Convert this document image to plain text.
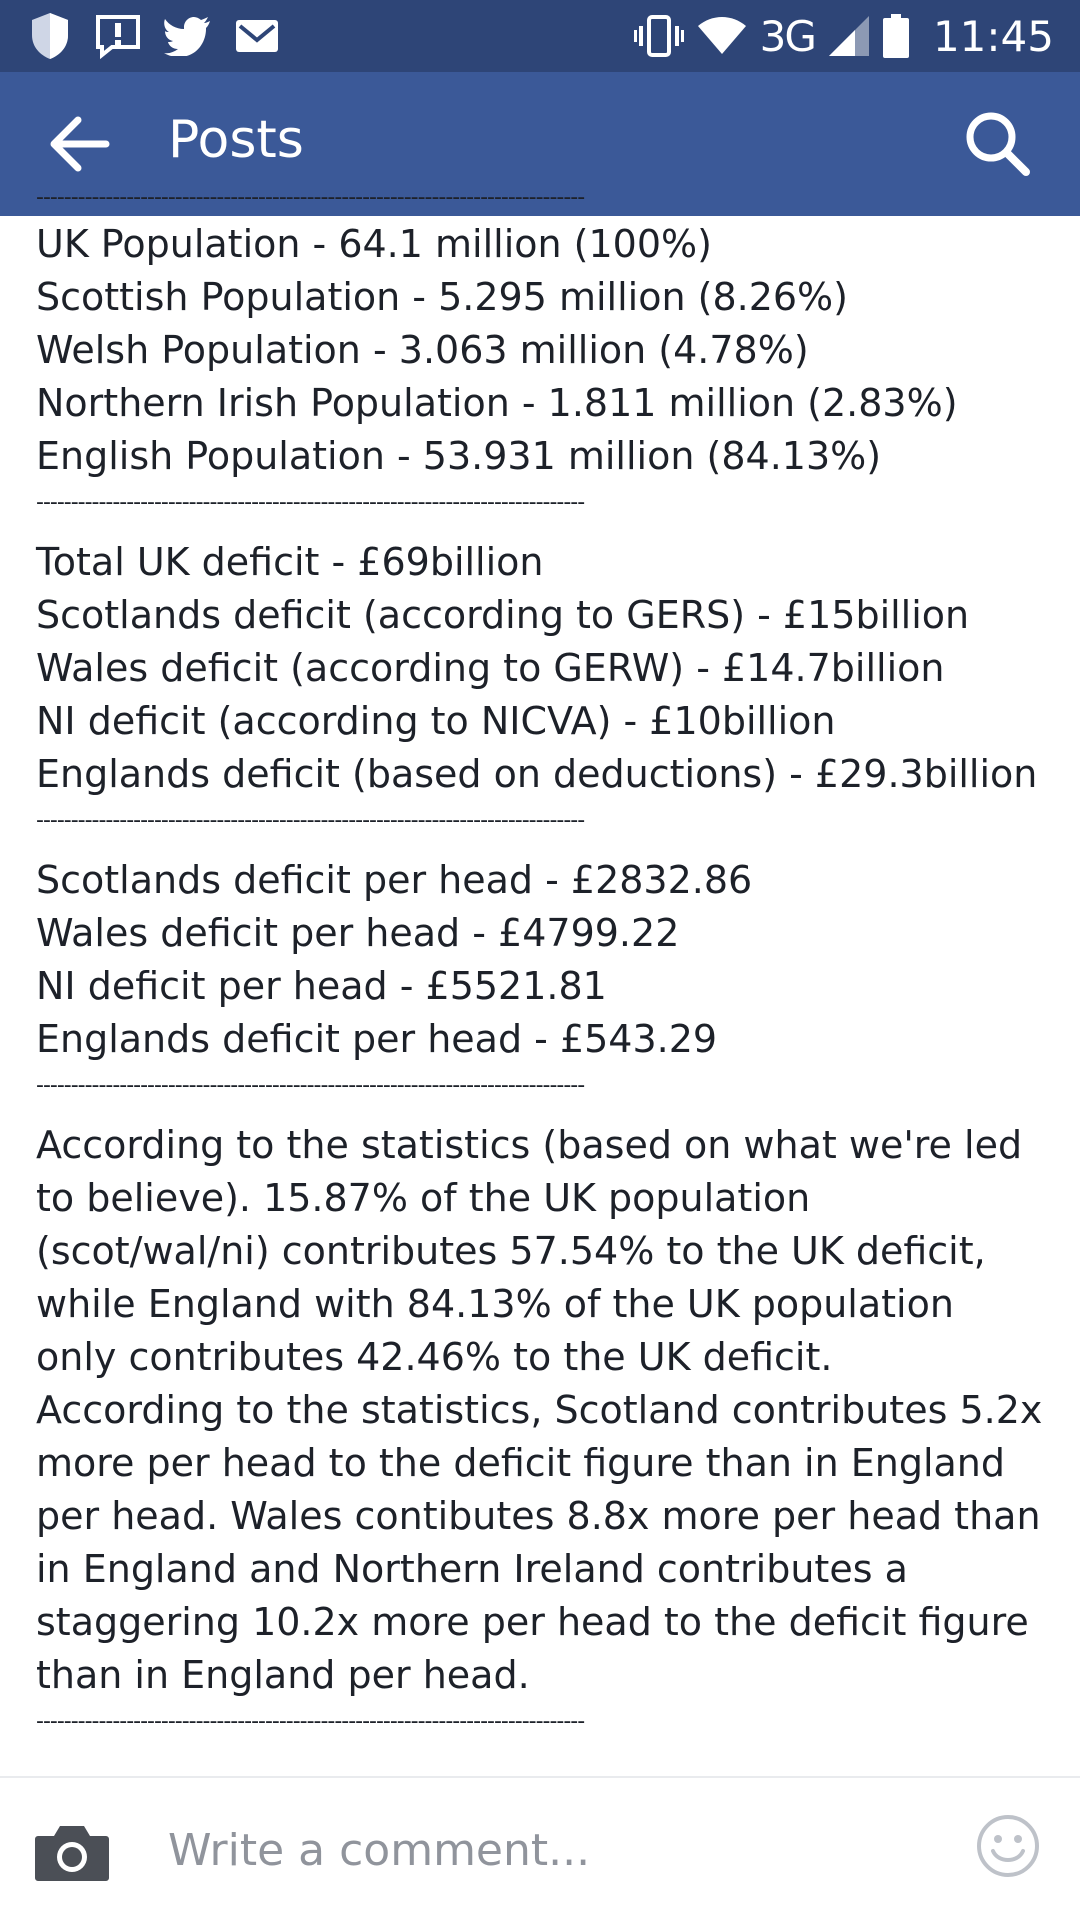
3G	11:45
Posts
-------------------------------------------------------------------------------
UK Population - 64.1 million (100%)
Scottish Population - 5.295 million (8.26%)
Welsh Population - 3.063 million (4.78%)
Northern Irish Population - 1.811 million (2.83%)
English Population - 53.931 million (84.13%)
-------------------------------------------------------------------------------
Total UK deficit - £69billion
Scotlands deficit (according to GERS) - £15billion
Wales deficit (according to GERW) - £14.7billion
NI deficit (according to NICVA) - £10billion
Englands deficit (based on deductions) - £29.3billion
-------------------------------------------------------------------------------
Scotlands deficit per head - £2832.86
Wales deficit per head - £4799.22
NI deficit per head - £5521.81
Englands deficit per head - £543.29
-------------------------------------------------------------------------------
According to the statistics (based on what we're led to believe). 15.87% of the UK population (scot/wal/ni) contributes 57.54% to the UK deficit, while England with 84.13% of the UK population only contributes 42.46% to the UK deficit.
According to the statistics, Scotland contributes 5.2x more per head to the deficit figure than in England per head. Wales contibutes 8.8x more per head than in England and Northern Ireland contributes a staggering 10.2x more per head to the deficit figure than in England per head.
-------------------------------------------------------------------------------
Write a comment...
